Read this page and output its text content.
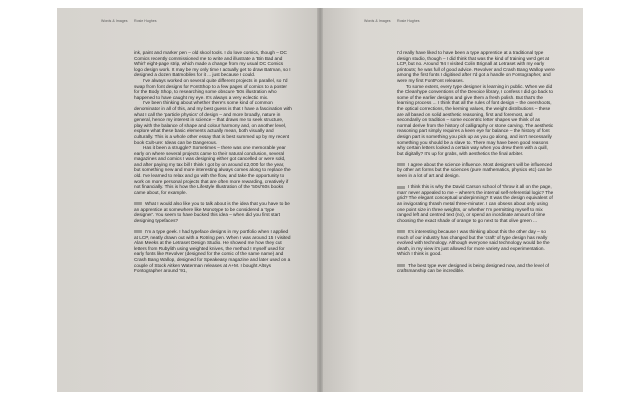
Words & Images Rosie Hughes

ink, paint and marker pen – old skool tools. I do love comics, though – DC Comics recently commissioned me to write and illustrate a 'Bin Bad and Whirl' eight-page strip, which made a change from my usual DC Comics logo design work. It may be my only time I actually get to draw Batman, so I designed a dozen Batmobiles for it ... just because I could.

I've always worked on several quite different projects in parallel, so I'd swap from font designs for FontShop to a few pages of comics to a poster for the Body Shop, to researching some obscure '50s illustration who happened to have caught my eye. It's always a very eclectic mix.

I've been thinking about whether there's some kind of common denominator in all of this, and my best guess is that I have a fascination with what I call the 'particle physics' of design – and more broadly, nature in general, hence my interest in science – that draws me to seek structure, play with the balance of shape and colour harmony and, on another level, explore what these basic elements actually mean, both visually and culturally. This is a whole other essay that is best summed up by my recent book Cult-ure: Ideas can be Dangerous.

Has it been a struggle? Sometimes – there was one memorable year early on where several projects came to their natural conclusion, several magazines and comics I was designing either got cancelled or were sold, and after paying my tax bill I think I got by on around £2,000 for the year, but something new and more interesting always comes along to replace the old. I've learned to relax and go with the flow, and take the opportunity to work on more personal projects that are often more rewarding, creatively if not financially. This is how the Lifestyle Illustration of the '50s/'60s books came about, for example.

What I would also like you to talk about is the idea that you have to be an apprentice at somewhere like Monotype to be considered a 'type designer'. You seem to have bucked this idea – when did you first start designing typefaces?

I'm a type geek. I had typeface designs in my portfolio when I applied at LCP, neatly drawn out with a Rotring pen. When I was around 15 I visited Alan Meeks at the Letraset Design Studio. He showed me how they cut letters from Rubylith using weighted knives, the method I myself used for early fonts like Revolver (designed for the comic of the same name) and Crash Bang Wallop, designed for Speakeasy magazine and later used on a couple of Stock Aitken Waterman releases at A+M. I bought Altsys Fontographer around '91,

Words & Images Rosie Hughes

I'd really have liked to have been a type apprentice at a traditional type design studio, though – I did think that was the kind of training we'd get at LCP, but no. Around '94 I visited Colin Brignall at Letraset with my early printouts; he was full of good advice. Revolver and Crash Bang Wallop were among the first fonts I digitised after I'd got a handle on Fontographer, and were my first FontFont releases.

To some extent, every type designer is learning in public. When we did the Cleanhype conventions of the Devoice library, I confess I did go back to some of the earlier designs and give them a fresh polish. But that's the learning process ... I think that all the rules of font design – the overshoots, the optical corrections, the kerning values, the weight distributions – these are all based on solid aesthetic reasoning, first and foremost, and secondarily on tradition – some eccentric letter shapes we think of as normal derive from the history of calligraphy or stone carving. The aesthetic reasoning part simply requires a keen eye for balance – the history of font design part is something you pick up as you go along, and isn't necessarily something you should be a slave to. There may have been good reasons why certain letters looked a certain way when you drew them with a quill, but digitally? It's up for grabs, with aesthetics the final arbiter.

I agree about the science influence. Most designers will be influenced by other art forms but the sciences (pure mathematics, physics etc) can be seen in a lot of art and design.

I think this is why the David Carson school of 'throw it all on the page, man' never appealed to me – where's the internal self-referential logic? The grid? The elegant conceptual underpinning? It was the design equivalent of an invigorating thrash metal three-minuter. I can obsess about only using one point size in three weights, or whether I'm permitting myself to mix ranged left and centred text (no), or spend an inordinate amount of time choosing the exact shade of orange to go next to that olive green ...

It's interesting because I was thinking about this the other day – so much of our industry has changed but the 'craft' of type design has really evolved with technology. Although everyone said technology would be the death, in my view it's just allowed for more variety and experimentation. Which I think is good.

The best type ever designed is being designed now, and the level of craftsmanship can be incredible.
